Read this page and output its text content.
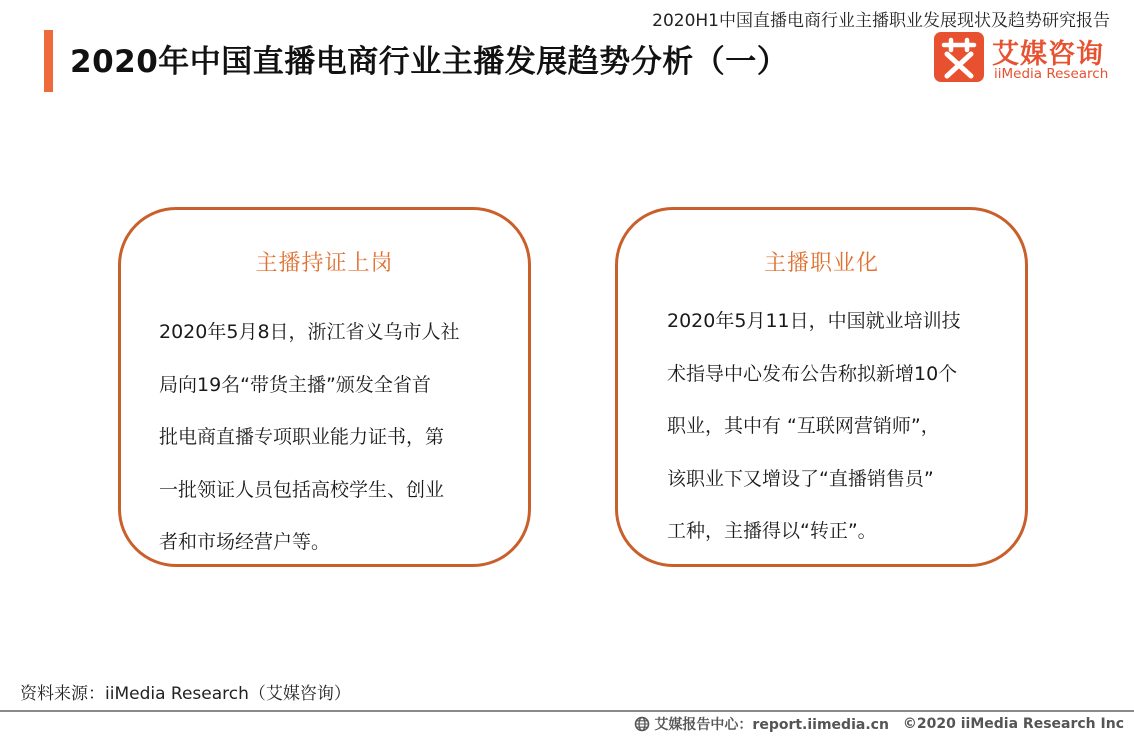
2020H1中国直播电商行业主播职业发展现状及趋势研究报告
2020年中国直播电商行业主播发展趋势分析（一）	艾媒咨询
iiMedia Research
主播持证上岗
2020年5月8日，浙江省义乌市人社
局向19名“带货主播”颁发全省首
批电商直播专项职业能力证书，第
一批领证人员包括高校学生、创业
者和市场经营户等。
主播职业化
2020年5月11日，中国就业培训技
术指导中心发布公告称拟新增10个
职业，其中有 “互联网营销师”，
该职业下又增设了“直播销售员”
工种，主播得以“转正”。
资料来源：iiMedia Research（艾媒咨询）
艾媒报告中心：report.iimedia.cn ©2020 iiMedia Research Inc
